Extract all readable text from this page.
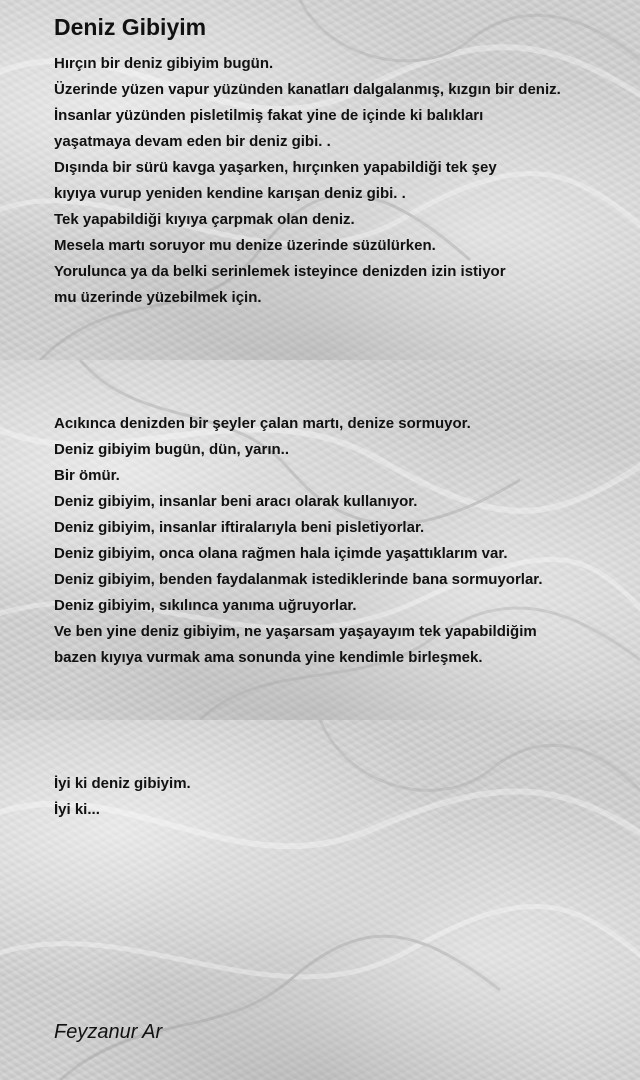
Deniz Gibiyim
Hırçın bir deniz gibiyim bugün.
Üzerinde yüzen vapur yüzünden kanatları dalgalanmış, kızgın bir deniz.
İnsanlar yüzünden pisletilmiş fakat yine de içinde ki balıkları
yaşatmaya devam eden bir deniz gibi. .
Dışında bir sürü kavga yaşarken, hırçınken yapabildiği tek şey
kıyıya vurup yeniden kendine karışan deniz gibi. .
Tek yapabildiği kıyıya çarpmak olan deniz.
Mesela martı soruyor mu denize üzerinde süzülürken.
Yorulunca ya da belki serinlemek isteyince denizden izin istiyor
mu üzerinde yüzebilmek için.
Acıkınca denizden bir şeyler çalan martı, denize sormuyor.
Deniz gibiyim bugün, dün, yarın..
Bir ömür.
Deniz gibiyim, insanlar beni aracı olarak kullanıyor.
Deniz gibiyim, insanlar iftiralarıyla beni pisletiyorlar.
Deniz gibiyim, onca olana rağmen hala içimde yaşattıklarım var.
Deniz gibiyim, benden faydalanmak istediklerinde bana sormuyorlar.
Deniz gibiyim, sıkılınca yanıma uğruyorlar.
Ve ben yine deniz gibiyim, ne yaşarsam yaşayayım tek yapabildiğim
bazen kıyıya vurmak ama sonunda yine kendimle birleşmek.
İyi ki deniz gibiyim.
İyi ki...
Feyzanur Ar
